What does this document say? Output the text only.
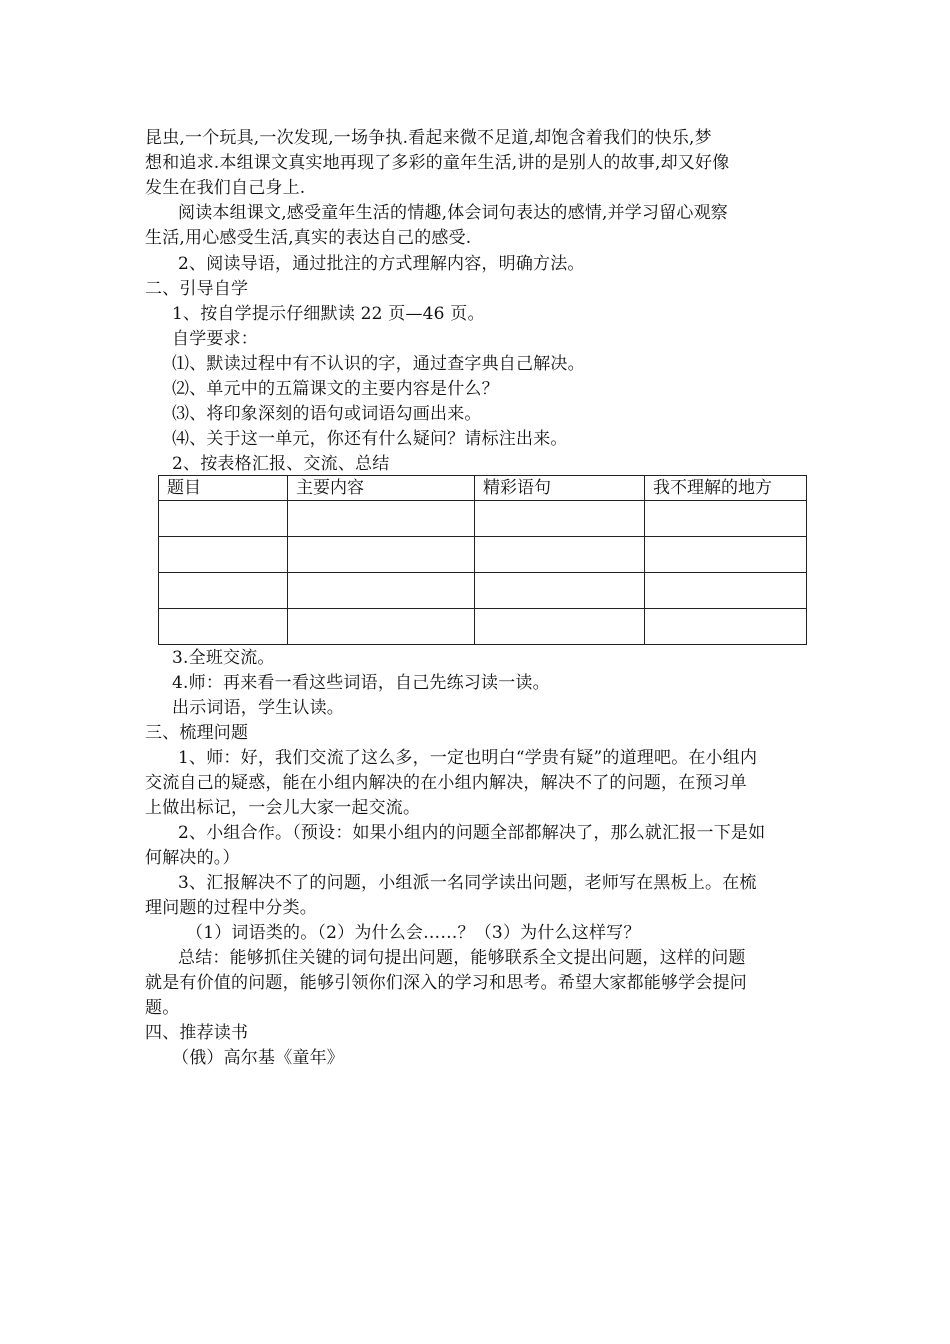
昆虫,一个玩具,一次发现,一场争执.看起来微不足道,却饱含着我们的快乐,梦
想和追求.本组课文真实地再现了多彩的童年生活,讲的是别人的故事,却又好像
发生在我们自己身上.
阅读本组课文,感受童年生活的情趣,体会词句表达的感情,并学习留心观察
生活,用心感受生活,真实的表达自己的感受.
2、阅读导语，通过批注的方式理解内容，明确方法。
二、引导自学
1、按自学提示仔细默读 22 页—46 页。
自学要求：
⑴、默读过程中有不认识的字，通过查字典自己解决。
⑵、单元中的五篇课文的主要内容是什么？
⑶、将印象深刻的语句或词语勾画出来。
⑷、关于这一单元，你还有什么疑问？请标注出来。
2、按表格汇报、交流、总结
题目	主要内容	精彩语句	我不理解的地方

3.全班交流。
4.师：再来看一看这些词语，自己先练习读一读。
出示词语，学生认读。
三、梳理问题
1、师：好，我们交流了这么多，一定也明白“学贵有疑”的道理吧。在小组内
交流自己的疑惑，能在小组内解决的在小组内解决，解决不了的问题，在预习单
上做出标记，一会儿大家一起交流。
2、小组合作。（预设：如果小组内的问题全部都解决了，那么就汇报一下是如
何解决的。）
3、汇报解决不了的问题，小组派一名同学读出问题，老师写在黑板上。在梳
理问题的过程中分类。
（1）词语类的。（2）为什么会……？（3）为什么这样写？
总结：能够抓住关键的词句提出问题，能够联系全文提出问题，这样的问题
就是有价值的问题，能够引领你们深入的学习和思考。希望大家都能够学会提问
题。
四、推荐读书
（俄）高尔基《童年》
